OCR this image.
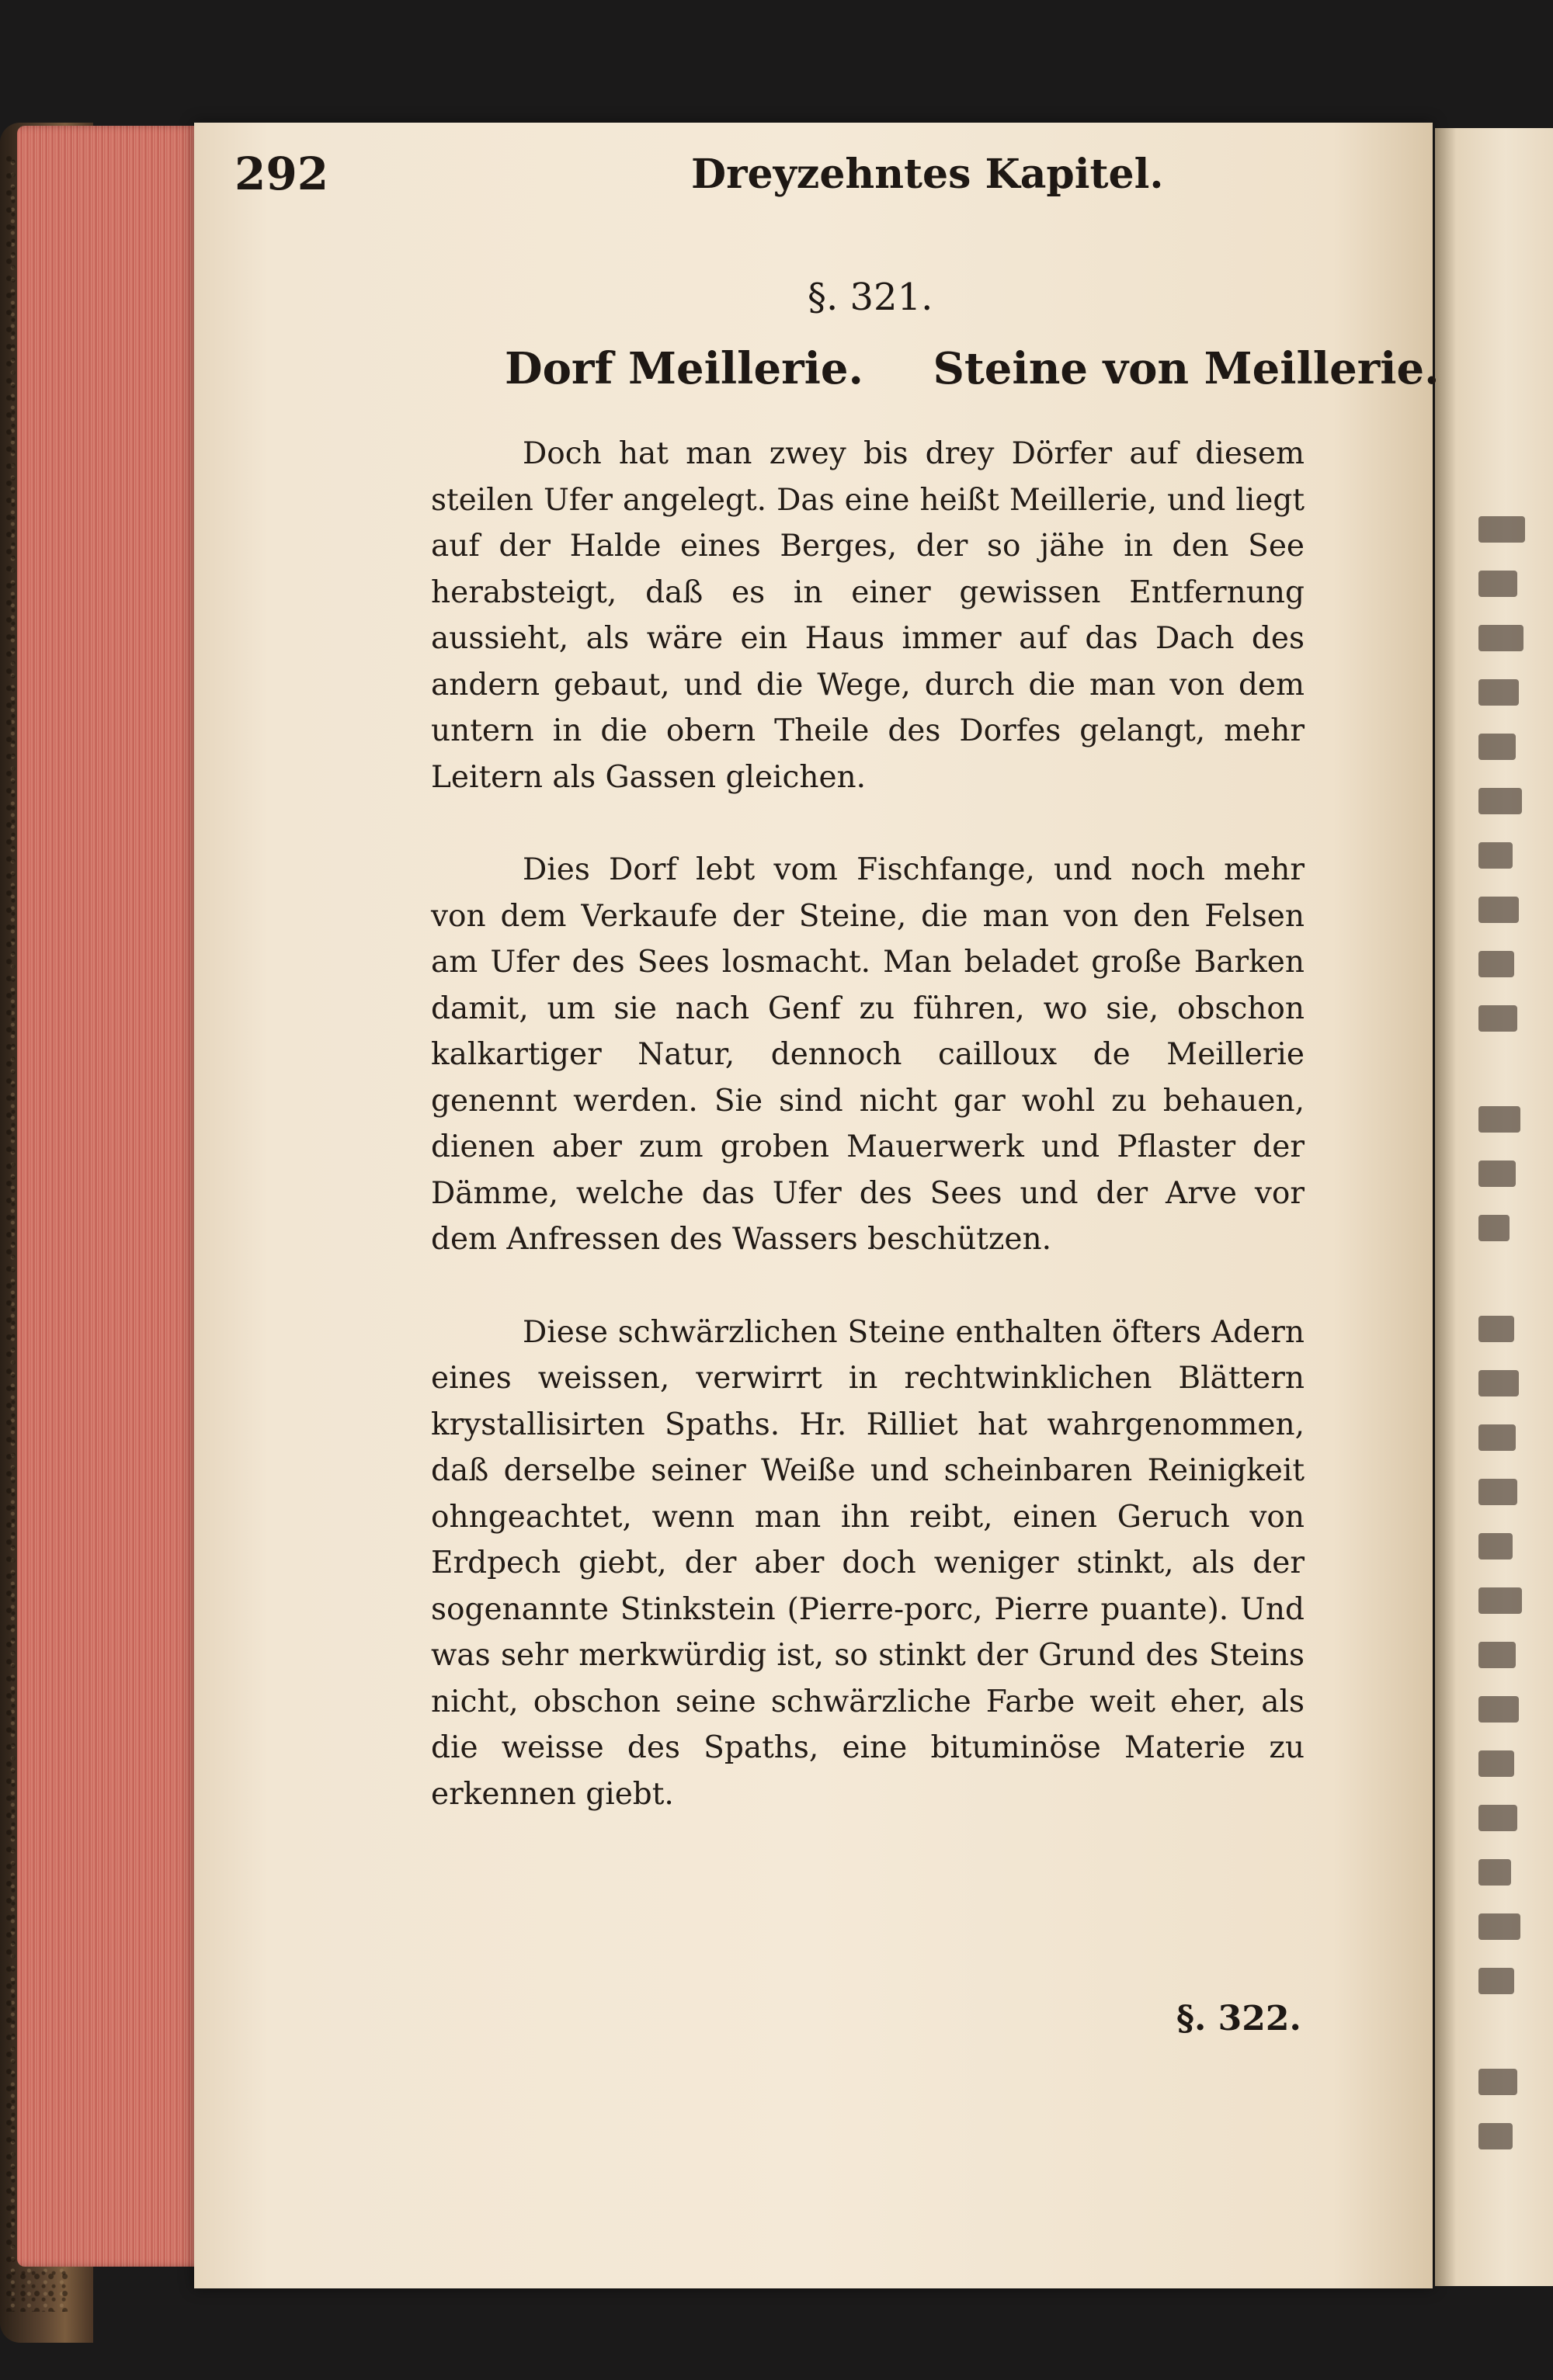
292	Dreyzehntes Kapitel.
§. 321.
Dorf Meillerie. Steine von Meillerie.

Doch hat man zwey bis drey Dörfer auf diesem steilen Ufer angelegt. Das eine heißt Meillerie, und liegt auf der Halde eines Berges, der so jähe in den See herabsteigt, daß es in einer gewissen Entfernung aussieht, als wäre ein Haus immer auf das Dach des andern gebaut, und die Wege, durch die man von dem untern in die obern Theile des Dorfes gelangt, mehr Leitern als Gassen gleichen.

Dies Dorf lebt vom Fischfange, und noch mehr von dem Verkaufe der Steine, die man von den Felsen am Ufer des Sees losmacht. Man beladet große Barken damit, um sie nach Genf zu führen, wo sie, obschon kalkartiger Natur, dennoch cailloux de Meillerie genennt werden. Sie sind nicht gar wohl zu behauen, dienen aber zum groben Mauerwerk und Pflaster der Dämme, welche das Ufer des Sees und der Arve vor dem Anfressen des Wassers beschützen.

Diese schwärzlichen Steine enthalten öfters Adern eines weissen, verwirrt in rechtwinklichen Blättern krystallisirten Spaths. Hr. Rilliet hat wahrgenommen, daß derselbe seiner Weiße und scheinbaren Reinigkeit ohngeachtet, wenn man ihn reibt, einen Geruch von Erdpech giebt, der aber doch weniger stinkt, als der sogenannte Stinkstein (Pierre-porc, Pierre puante). Und was sehr merkwürdig ist, so stinkt der Grund des Steins nicht, obschon seine schwärzliche Farbe weit eher, als die weisse des Spaths, eine bituminöse Materie zu erkennen giebt.

§. 322.
